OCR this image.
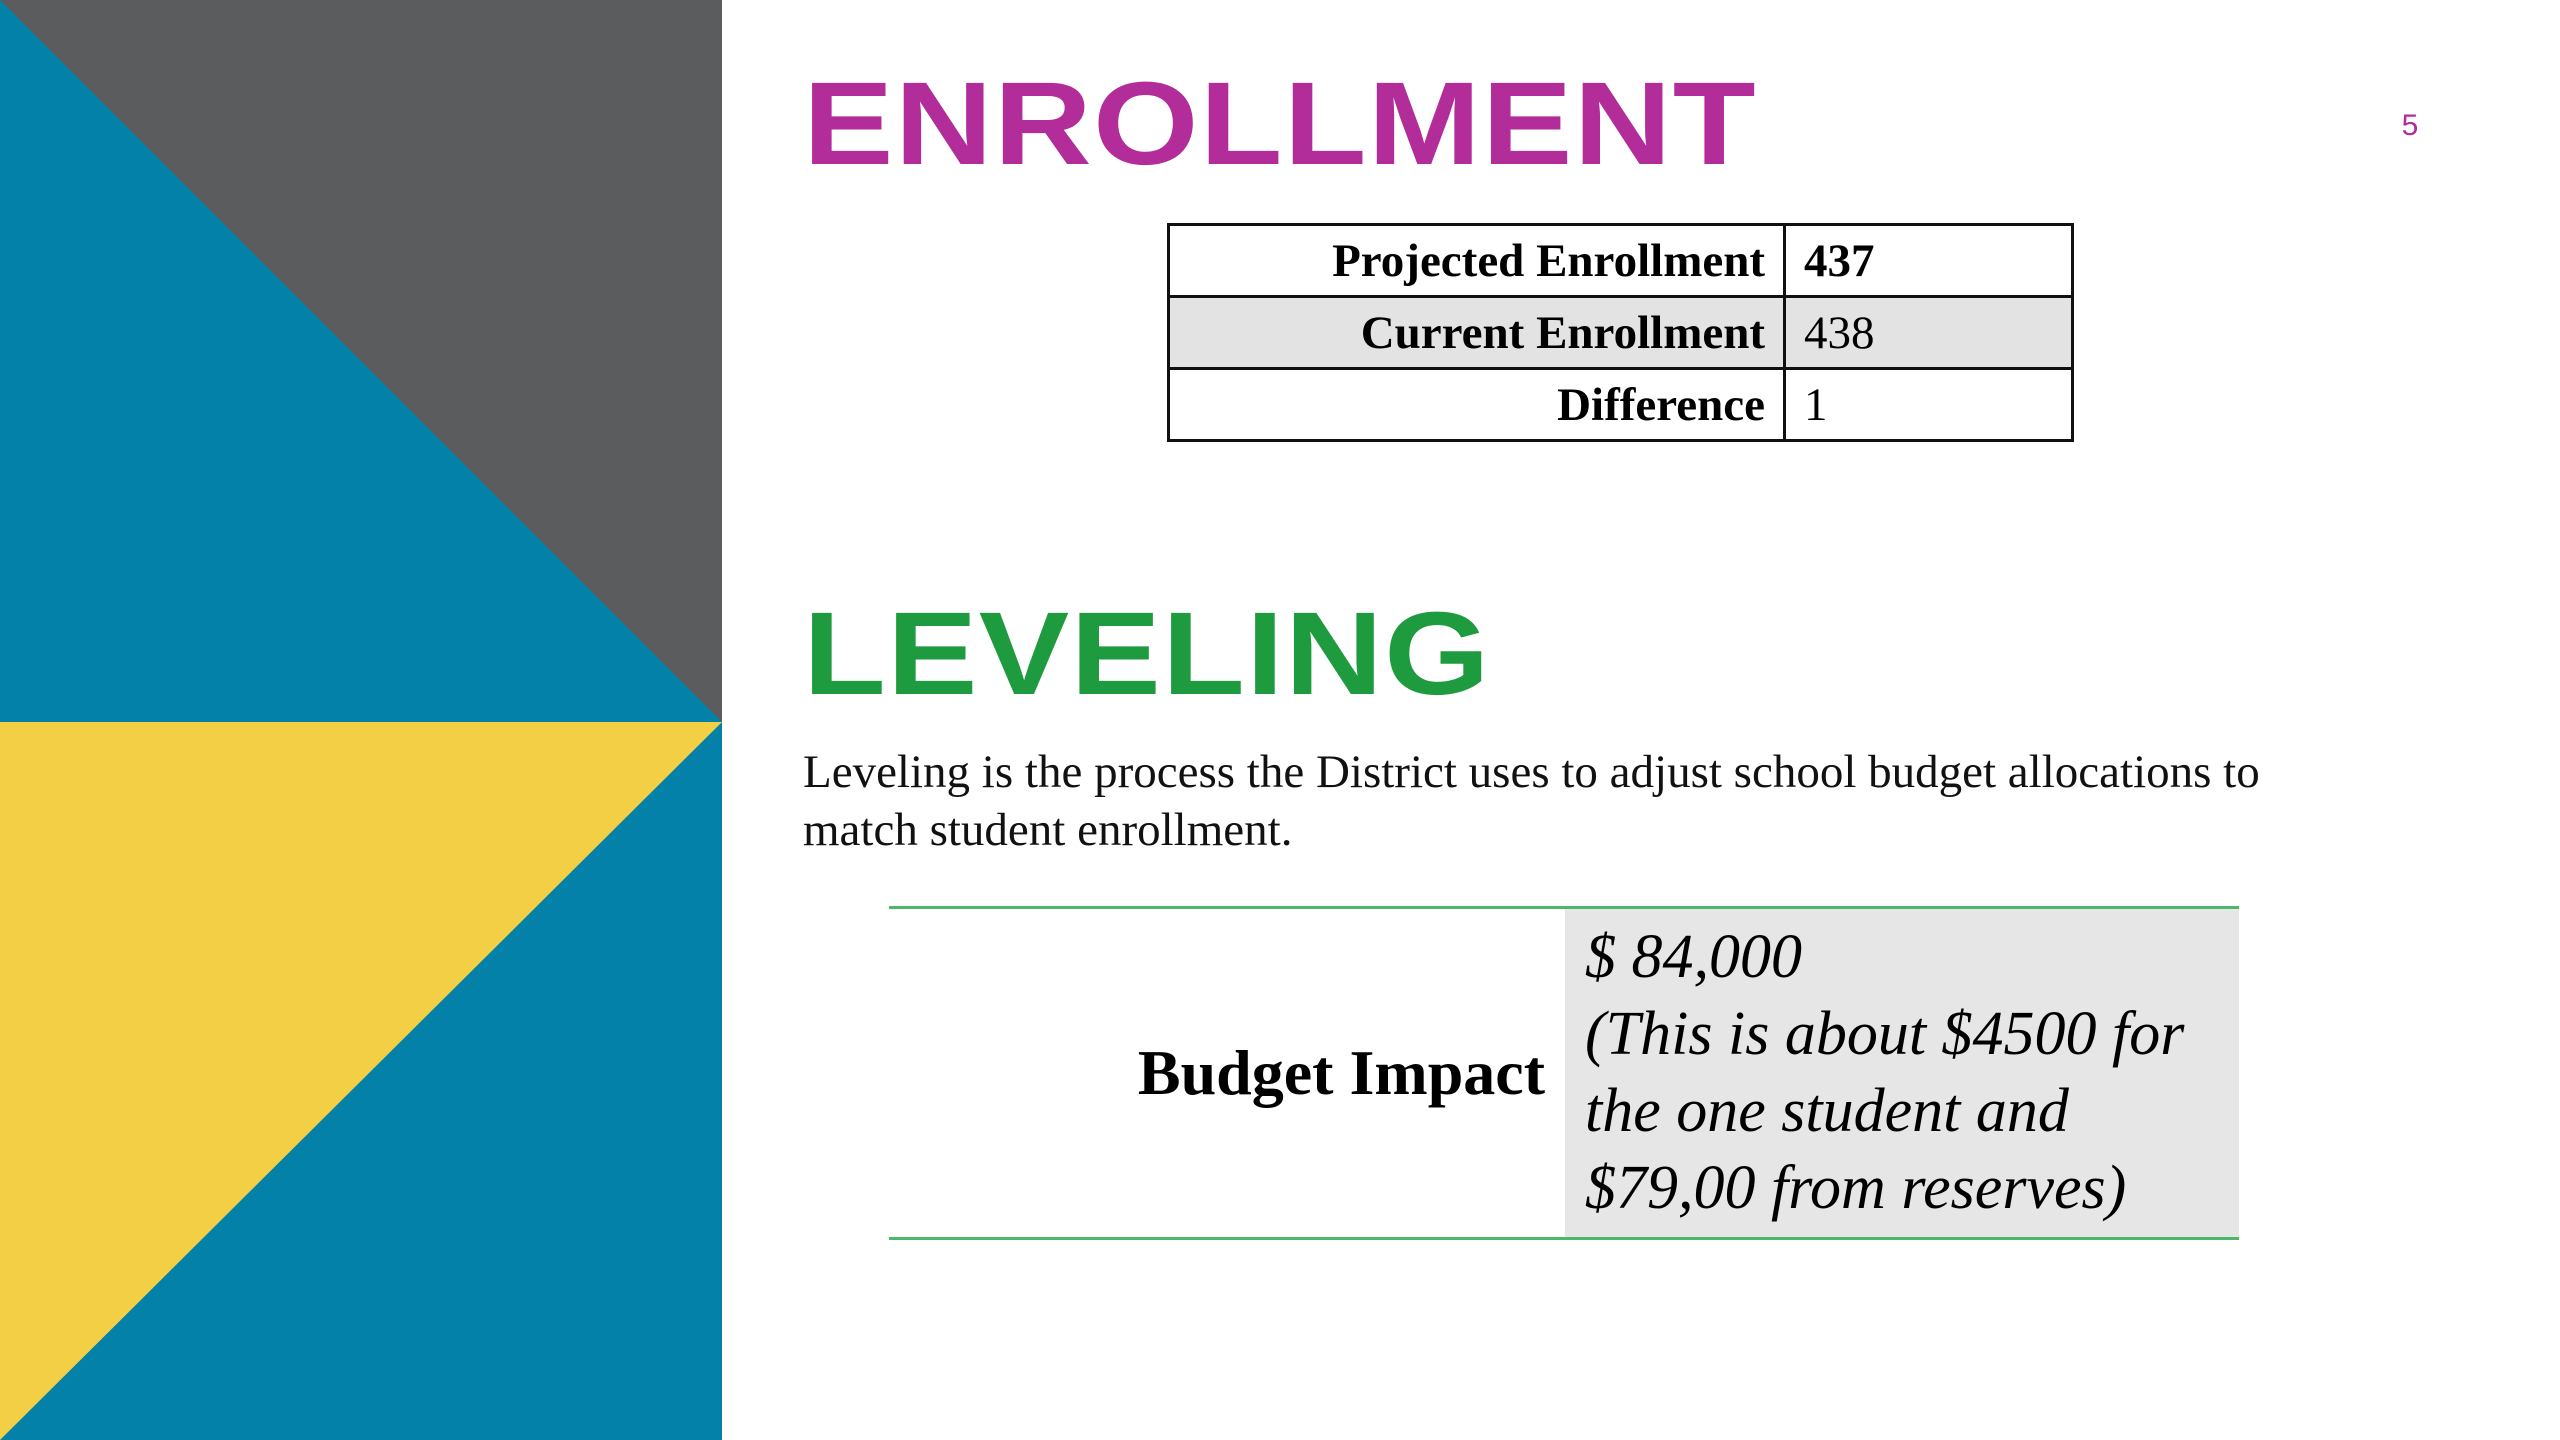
ENROLLMENT	5
Projected Enrollment	437
Current Enrollment	438
Difference	1
LEVELING

Leveling is the process the District uses to adjust school budget allocations to match student enrollment.

Budget Impact	
$ 84,000
(This is about $4500 for
the one student and
$79,00 from reserves)
